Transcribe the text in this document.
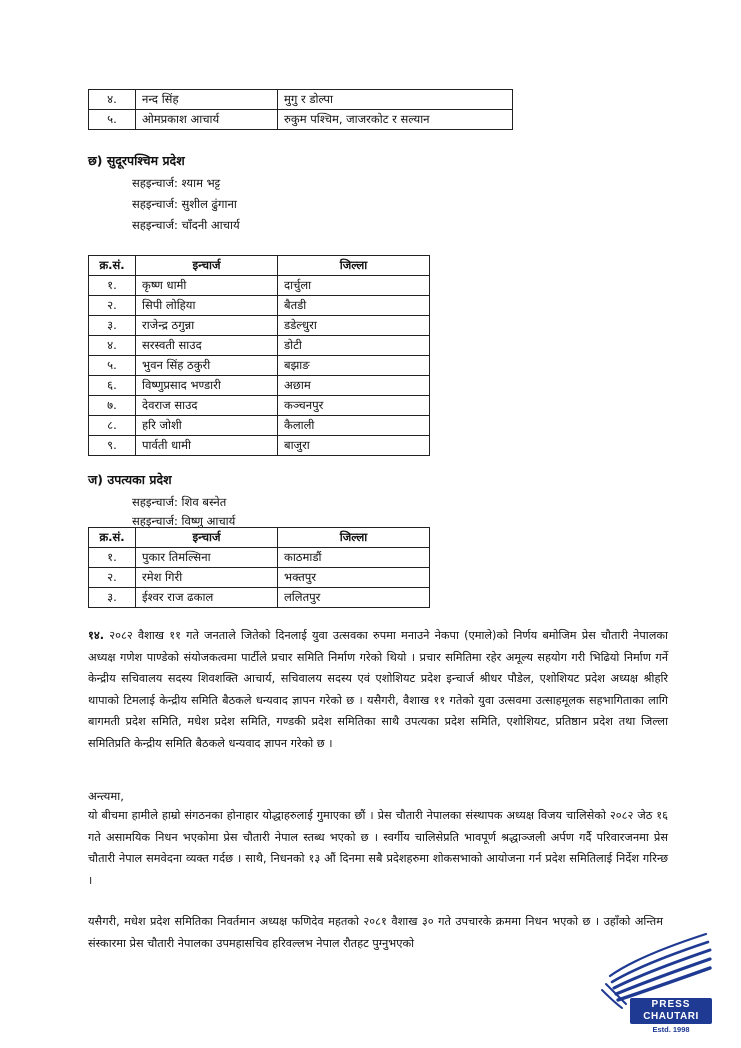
४.	नन्द सिंह	मुगु र डोल्पा
५.	ओमप्रकाश आचार्य	रुकुम पश्चिम, जाजरकोट र सल्यान
छ) सुदूरपश्चिम प्रदेश
सहइन्चार्ज: श्याम भट्ट
सहइन्चार्ज: सुशील ढुंगाना
सहइन्चार्ज: चाँदनी आचार्य
क्र.सं.	इन्चार्ज	जिल्ला
१.	कृष्ण धामी	दार्चुला
२.	सिपी लोहिया	बैतडी
३.	राजेन्द्र ठगुन्ना	डडेल्धुरा
४.	सरस्वती साउद	डोटी
५.	भुवन सिंह ठकुरी	बझाङ
६.	विष्णुप्रसाद भण्डारी	अछाम
७.	देवराज साउद	कञ्चनपुर
८.	हरि जोशी	कैलाली
९.	पार्वती धामी	बाजुरा
ज) उपत्यका प्रदेश
सहइन्चार्ज: शिव बस्नेत
सहइन्चार्ज: विष्णु आचार्य
क्र.सं.	इन्चार्ज	जिल्ला
१.	पुकार तिमल्सिना	काठमाडौं
२.	रमेश गिरी	भक्तपुर
३.	ईश्वर राज ढकाल	ललितपुर

१४. २०८२ वैशाख ११ गते जनताले जितेको दिनलाई युवा उत्सवका रुपमा मनाउने नेकपा (एमाले)को निर्णय बमोजिम प्रेस चौतारी नेपालका अध्यक्ष गणेश पाण्डेको संयोजकत्वमा पार्टीले प्रचार समिति निर्माण गरेको थियो । प्रचार समितिमा रहेर अमूल्य सहयोग गरी भिढियो निर्माण गर्ने केन्द्रीय सचिवालय सदस्य शिवशक्ति आचार्य, सचिवालय सदस्य एवं एशोशियट प्रदेश इन्चार्ज श्रीधर पौडेल, एशोशियट प्रदेश अध्यक्ष श्रीहरि थापाको टिमलाई केन्द्रीय समिति बैठकले धन्यवाद ज्ञापन गरेको छ । यसैगरी, वैशाख ११ गतेको युवा उत्सवमा उत्साहमूलक सहभागिताका लागि बागमती प्रदेश समिति, मधेश प्रदेश समिति, गण्डकी प्रदेश समितिका साथै उपत्यका प्रदेश समिति, एशोशियट, प्रतिष्ठान प्रदेश तथा जिल्ला समितिप्रति केन्द्रीय समिति बैठकले धन्यवाद ज्ञापन गरेको छ ।

अन्त्यमा,

यो बीचमा हामीले हाम्रो संगठनका होनाहार योद्धाहरुलाई गुमाएका छौं । प्रेस चौतारी नेपालका संस्थापक अध्यक्ष विजय चालिसेको २०८२ जेठ १६ गते असामयिक निधन भएकोमा प्रेस चौतारी नेपाल स्तब्ध भएको छ । स्वर्गीय चालिसेप्रति भावपूर्ण श्रद्धाञ्जली अर्पण गर्दै परिवारजनमा प्रेस चौतारी नेपाल समवेदना व्यक्त गर्दछ । साथै, निधनको १३ औं दिनमा सबै प्रदेशहरुमा शोकसभाको आयोजना गर्न प्रदेश समितिलाई निर्देश गरिन्छ ।

यसैगरी, मधेश प्रदेश समितिका निवर्तमान अध्यक्ष फणिदेव महतको २०८१ वैशाख ३० गते उपचारके क्रममा निधन भएको छ । उहाँको अन्तिम संस्कारमा प्रेस चौतारी नेपालका उपमहासचिव हरिवल्लभ नेपाल रौतहट पुग्नुभएको

PRESS
CHAUTARI
Estd. 1998
